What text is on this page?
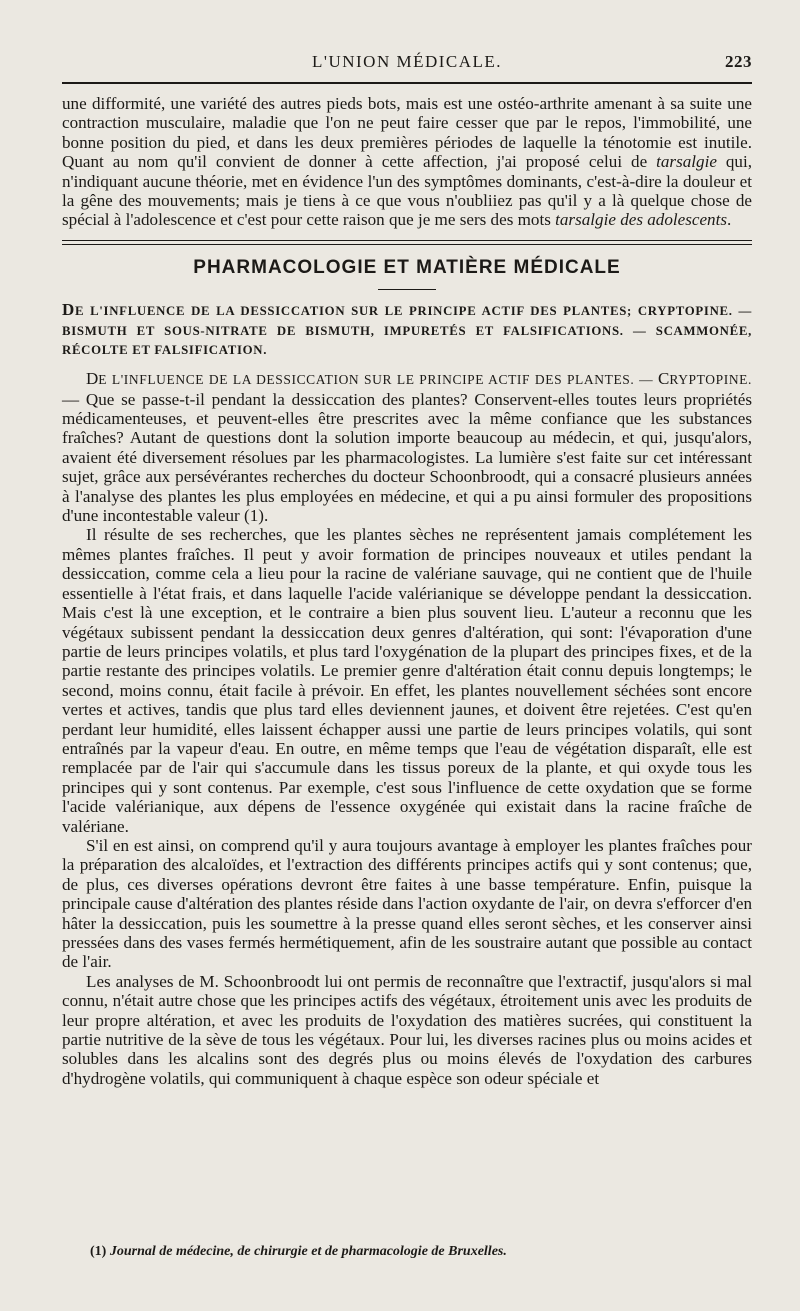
L'UNION MÉDICALE.	223

une difformité, une variété des autres pieds bots, mais est une ostéo-arthrite amenant à sa suite une contraction musculaire, maladie que l'on ne peut faire cesser que par le repos, l'immobilité, une bonne position du pied, et dans les deux premières périodes de laquelle la ténotomie est inutile. Quant au nom qu'il convient de donner à cette affection, j'ai proposé celui de tarsalgie qui, n'indiquant aucune théorie, met en évidence l'un des symptômes dominants, c'est-à-dire la douleur et la gêne des mouvements; mais je tiens à ce que vous n'oubliiez pas qu'il y a là quelque chose de spécial à l'adolescence et c'est pour cette raison que je me sers des mots tarsalgie des adolescents.

PHARMACOLOGIE ET MATIÈRE MÉDICALE
DE L'INFLUENCE DE LA DESSICCATION SUR LE PRINCIPE ACTIF DES PLANTES; CRYPTOPINE. — BISMUTH ET SOUS-NITRATE DE BISMUTH, IMPURETÉS ET FALSIFICATIONS. — SCAMMONÉE, RÉCOLTE ET FALSIFICATION.

DE L'INFLUENCE DE LA DESSICCATION SUR LE PRINCIPE ACTIF DES PLANTES. — CRYPTOPINE. — Que se passe-t-il pendant la dessiccation des plantes? Conservent-elles toutes leurs propriétés médicamenteuses, et peuvent-elles être prescrites avec la même confiance que les substances fraîches? Autant de questions dont la solution importe beaucoup au médecin, et qui, jusqu'alors, avaient été diversement résolues par les pharmacologistes. La lumière s'est faite sur cet intéressant sujet, grâce aux persévérantes recherches du docteur Schoonbroodt, qui a consacré plusieurs années à l'analyse des plantes les plus employées en médecine, et qui a pu ainsi formuler des propositions d'une incontestable valeur (1).

Il résulte de ses recherches, que les plantes sèches ne représentent jamais complétement les mêmes plantes fraîches. Il peut y avoir formation de principes nouveaux et utiles pendant la dessiccation, comme cela a lieu pour la racine de valériane sauvage, qui ne contient que de l'huile essentielle à l'état frais, et dans laquelle l'acide valérianique se développe pendant la dessiccation. Mais c'est là une exception, et le contraire a bien plus souvent lieu. L'auteur a reconnu que les végétaux subissent pendant la dessiccation deux genres d'altération, qui sont: l'évaporation d'une partie de leurs principes volatils, et plus tard l'oxygénation de la plupart des principes fixes, et de la partie restante des principes volatils. Le premier genre d'altération était connu depuis longtemps; le second, moins connu, était facile à prévoir. En effet, les plantes nouvellement séchées sont encore vertes et actives, tandis que plus tard elles deviennent jaunes, et doivent être rejetées. C'est qu'en perdant leur humidité, elles laissent échapper aussi une partie de leurs principes volatils, qui sont entraînés par la vapeur d'eau. En outre, en même temps que l'eau de végétation disparaît, elle est remplacée par de l'air qui s'accumule dans les tissus poreux de la plante, et qui oxyde tous les principes qui y sont contenus. Par exemple, c'est sous l'influence de cette oxydation que se forme l'acide valérianique, aux dépens de l'essence oxygénée qui existait dans la racine fraîche de valériane.

S'il en est ainsi, on comprend qu'il y aura toujours avantage à employer les plantes fraîches pour la préparation des alcaloïdes, et l'extraction des différents principes actifs qui y sont contenus; que, de plus, ces diverses opérations devront être faites à une basse température. Enfin, puisque la principale cause d'altération des plantes réside dans l'action oxydante de l'air, on devra s'efforcer d'en hâter la dessiccation, puis les soumettre à la presse quand elles seront sèches, et les conserver ainsi pressées dans des vases fermés hermétiquement, afin de les soustraire autant que possible au contact de l'air.

Les analyses de M. Schoonbroodt lui ont permis de reconnaître que l'extractif, jusqu'alors si mal connu, n'était autre chose que les principes actifs des végétaux, étroitement unis avec les produits de leur propre altération, et avec les produits de l'oxydation des matières sucrées, qui constituent la partie nutritive de la sève de tous les végétaux. Pour lui, les diverses racines plus ou moins acides et solubles dans les alcalins sont des degrés plus ou moins élevés de l'oxydation des carbures d'hydrogène volatils, qui communiquent à chaque espèce son odeur spéciale et

(1) Journal de médecine, de chirurgie et de pharmacologie de Bruxelles.
